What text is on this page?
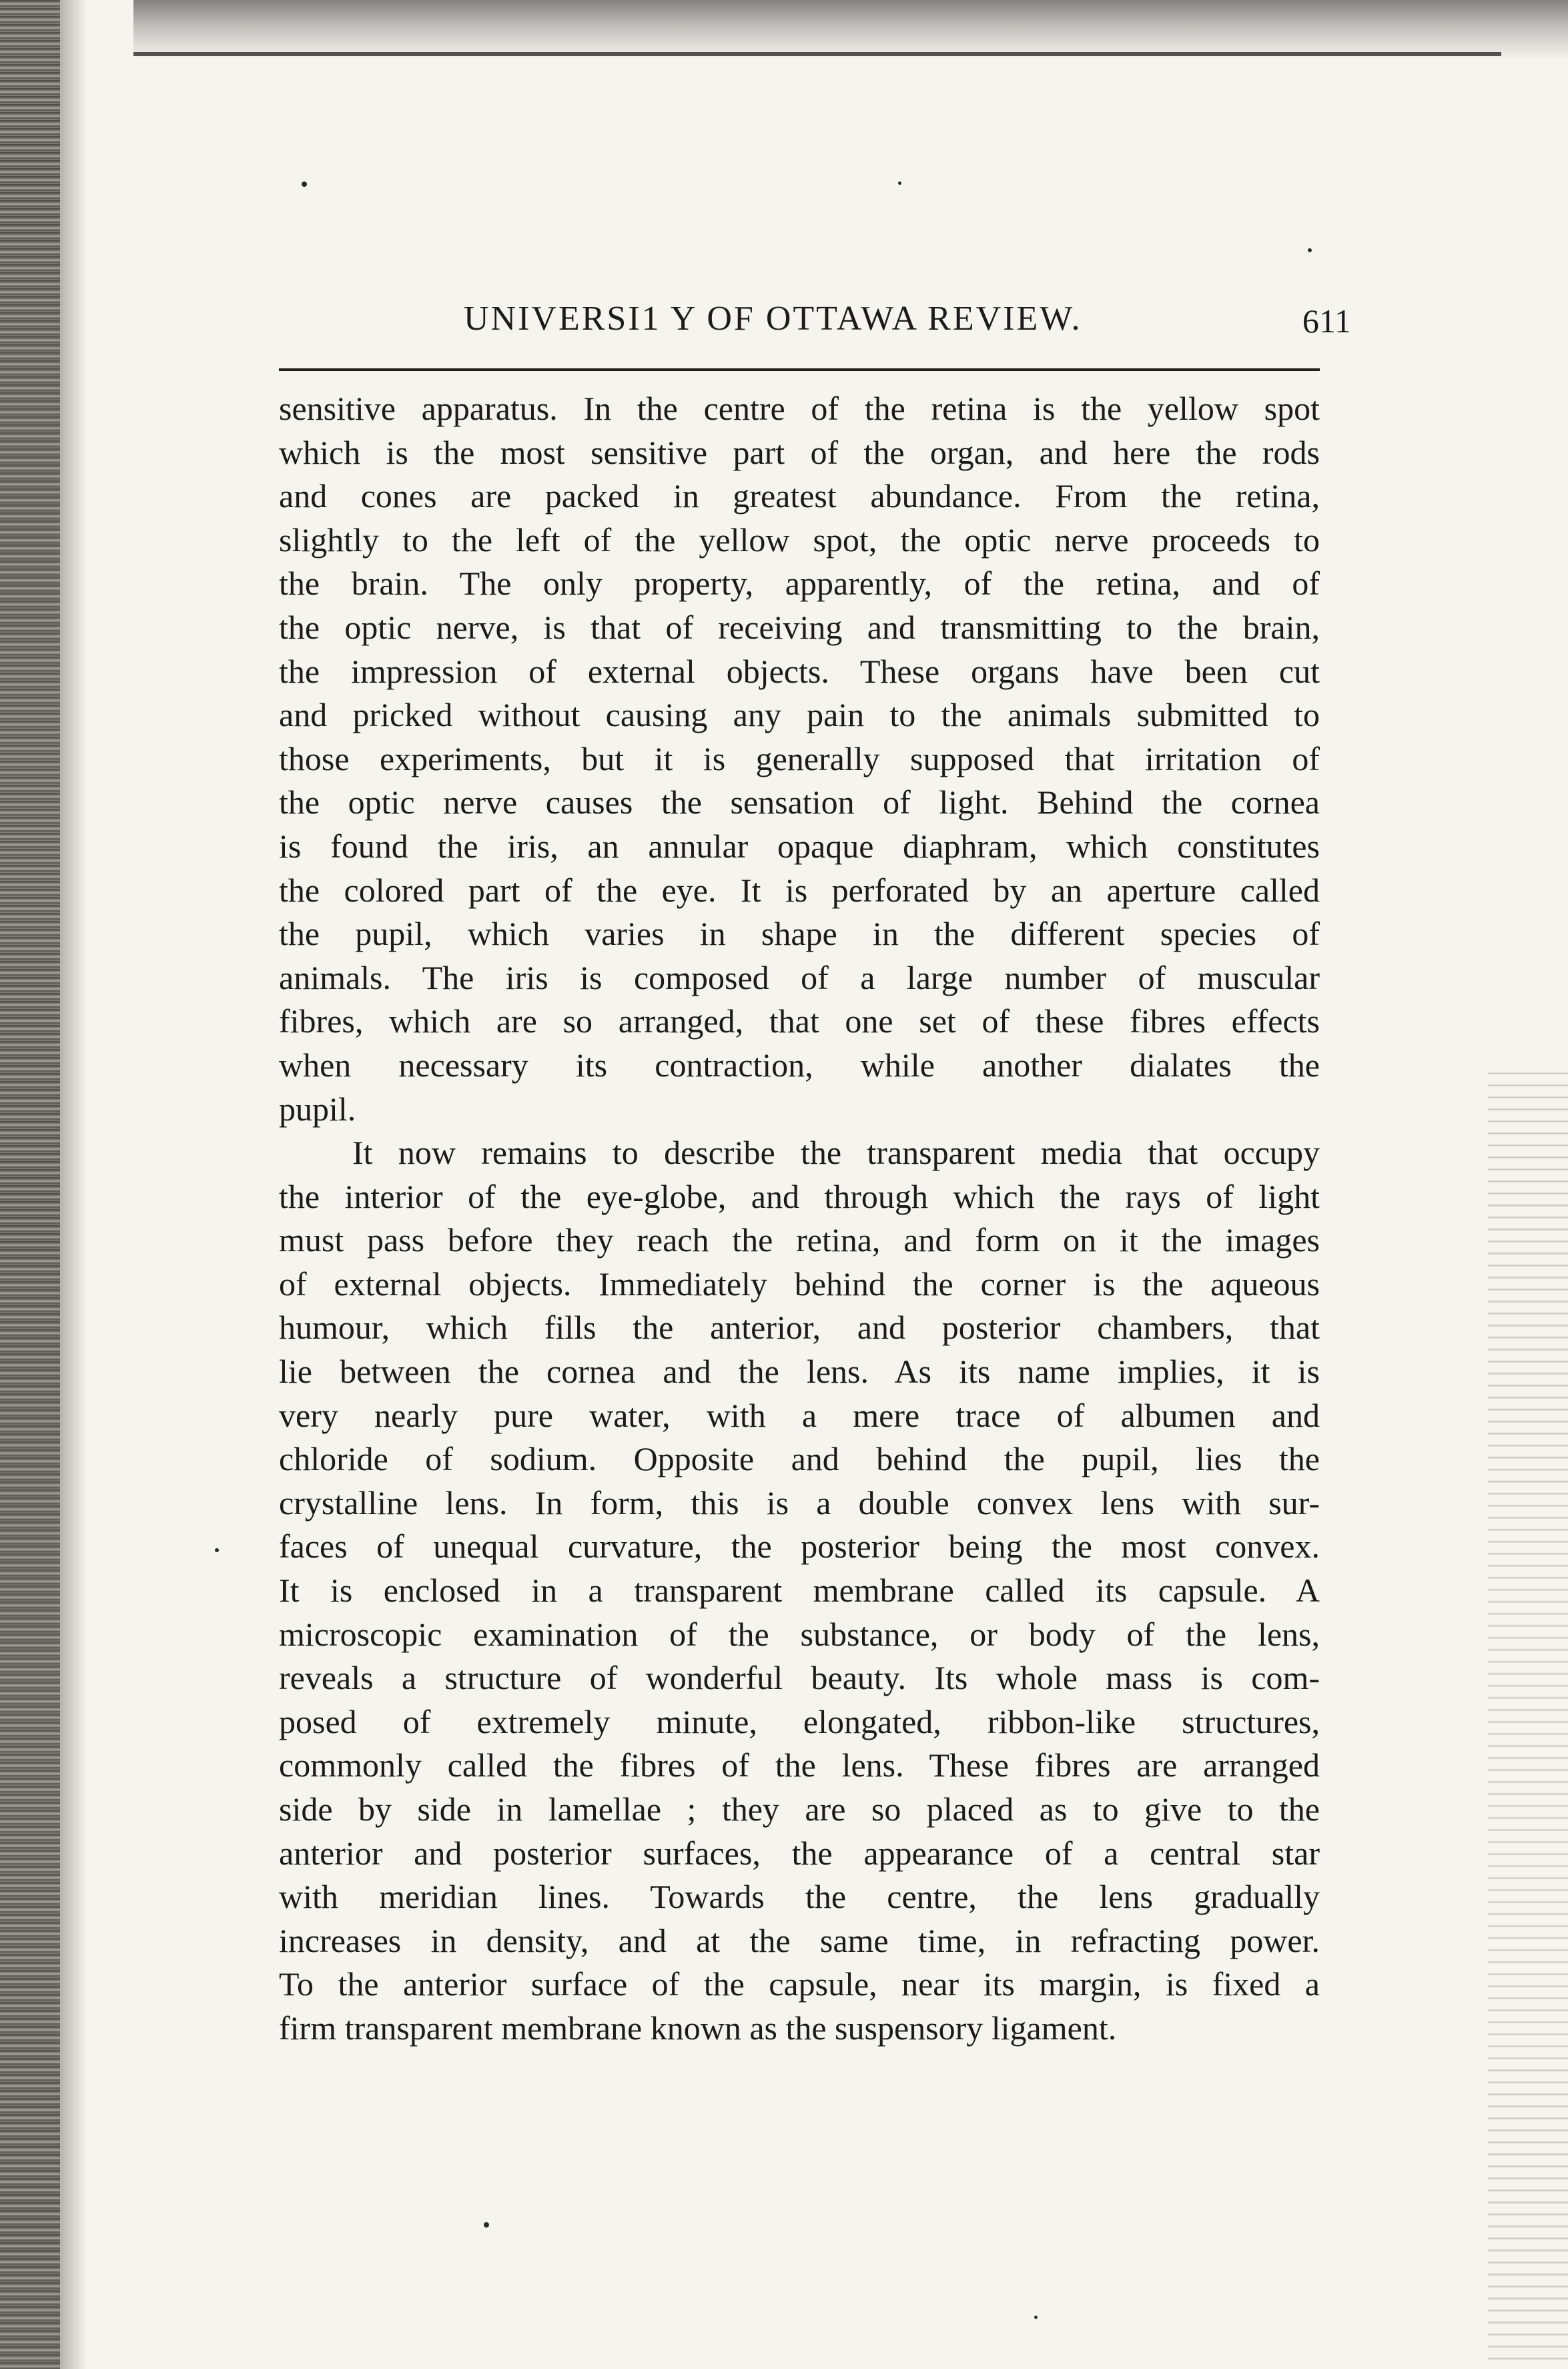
UNIVERSI1 Y OF OTTAWA REVIEW.	611
sensitive apparatus. In the centre of the retina is the yellow spot
which is the most sensitive part of the organ, and here the rods
and cones are packed in greatest abundance. From the retina,
slightly to the left of the yellow spot, the optic nerve proceeds to
the brain. The only property, apparently, of the retina, and of
the optic nerve, is that of receiving and transmitting to the brain,
the impression of external objects. These organs have been cut
and pricked without causing any pain to the animals submitted to
those experiments, but it is generally supposed that irritation of
the optic nerve causes the sensation of light. Behind the cornea
is found the iris, an annular opaque diaphram, which constitutes
the colored part of the eye. It is perforated by an aperture called
the pupil, which varies in shape in the different species of
animals. The iris is composed of a large number of muscular
fibres, which are so arranged, that one set of these fibres effects
when necessary its contraction, while another dialates the
pupil.
It now remains to describe the transparent media that occupy
the interior of the eye-globe, and through which the rays of light
must pass before they reach the retina, and form on it the images
of external objects. Immediately behind the corner is the aqueous
humour, which fills the anterior, and posterior chambers, that
lie between the cornea and the lens. As its name implies, it is
very nearly pure water, with a mere trace of albumen and
chloride of sodium. Opposite and behind the pupil, lies the
crystalline lens. In form, this is a double convex lens with sur-
faces of unequal curvature, the posterior being the most convex.
It is enclosed in a transparent membrane called its capsule. A
microscopic examination of the substance, or body of the lens,
reveals a structure of wonderful beauty. Its whole mass is com-
posed of extremely minute, elongated, ribbon-like structures,
commonly called the fibres of the lens. These fibres are arranged
side by side in lamellae ; they are so placed as to give to the
anterior and posterior surfaces, the appearance of a central star
with meridian lines. Towards the centre, the lens gradually
increases in density, and at the same time, in refracting power.
To the anterior surface of the capsule, near its margin, is fixed a
firm transparent membrane known as the suspensory ligament.
